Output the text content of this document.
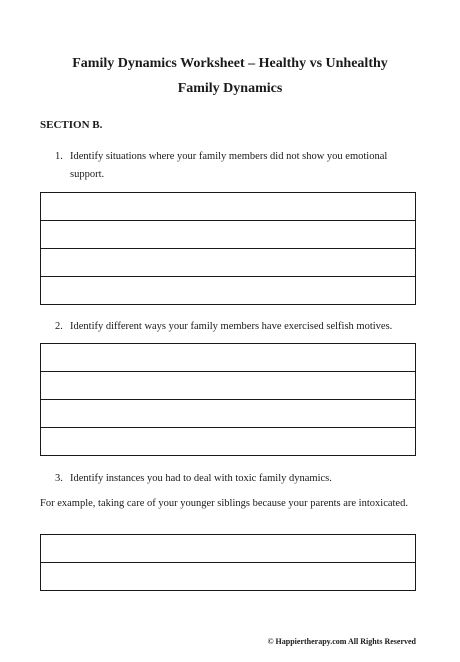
Family Dynamics Worksheet – Healthy vs Unhealthy
Family Dynamics

SECTION B.

1. Identify situations where your family members did not show you emotional support.

2. Identify different ways your family members have exercised selfish motives.

3. Identify instances you had to deal with toxic family dynamics.

For example, taking care of your younger siblings because your parents are intoxicated.

© Happiertherapy.com All Rights Reserved
